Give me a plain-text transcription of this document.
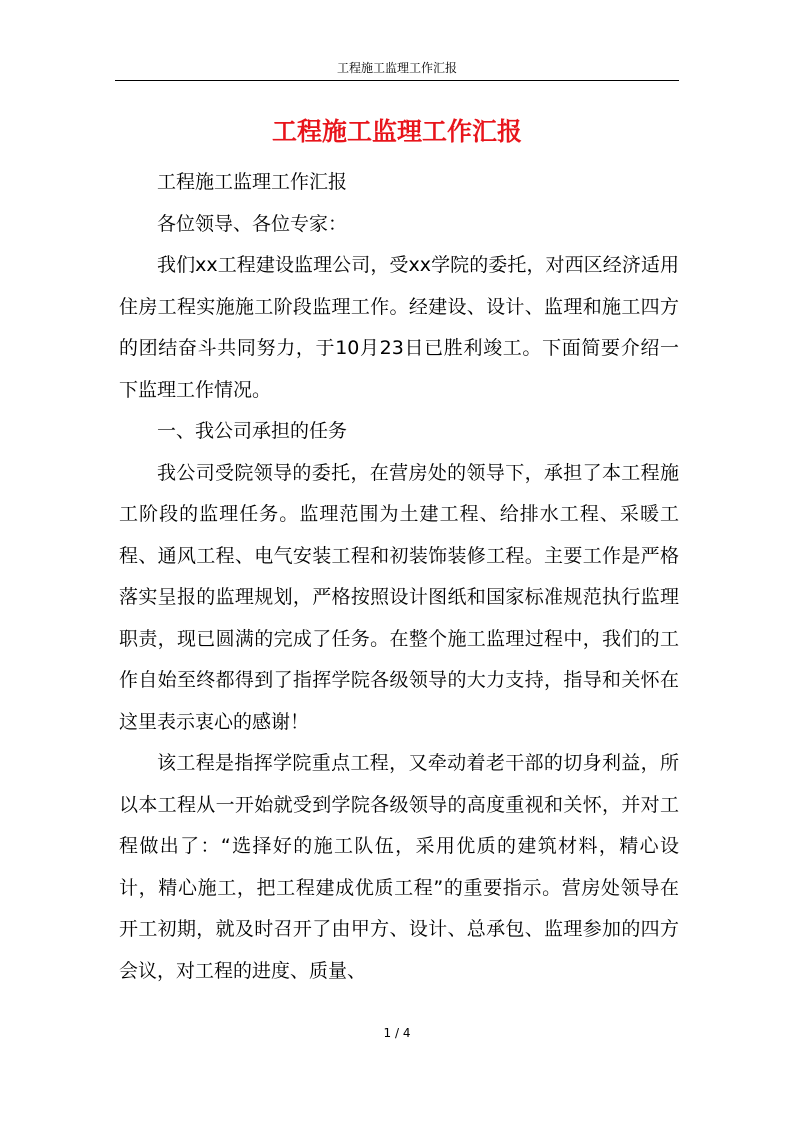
工程施工监理工作汇报
工程施工监理工作汇报

工程施工监理工作汇报

各位领导、各位专家：

我们xx工程建设监理公司，受xx学院的委托，对西区经济适用住房工程实施施工阶段监理工作。经建设、设计、监理和施工四方的团结奋斗共同努力，于10月23日已胜利竣工。下面简要介绍一下监理工作情况。

一、我公司承担的任务

我公司受院领导的委托，在营房处的领导下，承担了本工程施工阶段的监理任务。监理范围为土建工程、给排水工程、采暖工程、通风工程、电气安装工程和初装饰装修工程。主要工作是严格落实呈报的监理规划，严格按照设计图纸和国家标准规范执行监理职责，现已圆满的完成了任务。在整个施工监理过程中，我们的工作自始至终都得到了指挥学院各级领导的大力支持，指导和关怀在这里表示衷心的感谢！

该工程是指挥学院重点工程，又牵动着老干部的切身利益，所以本工程从一开始就受到学院各级领导的高度重视和关怀，并对工程做出了：“选择好的施工队伍，采用优质的建筑材料，精心设计，精心施工，把工程建成优质工程”的重要指示。营房处领导在开工初期，就及时召开了由甲方、设计、总承包、监理参加的四方会议，对工程的进度、质量、

1 / 4
